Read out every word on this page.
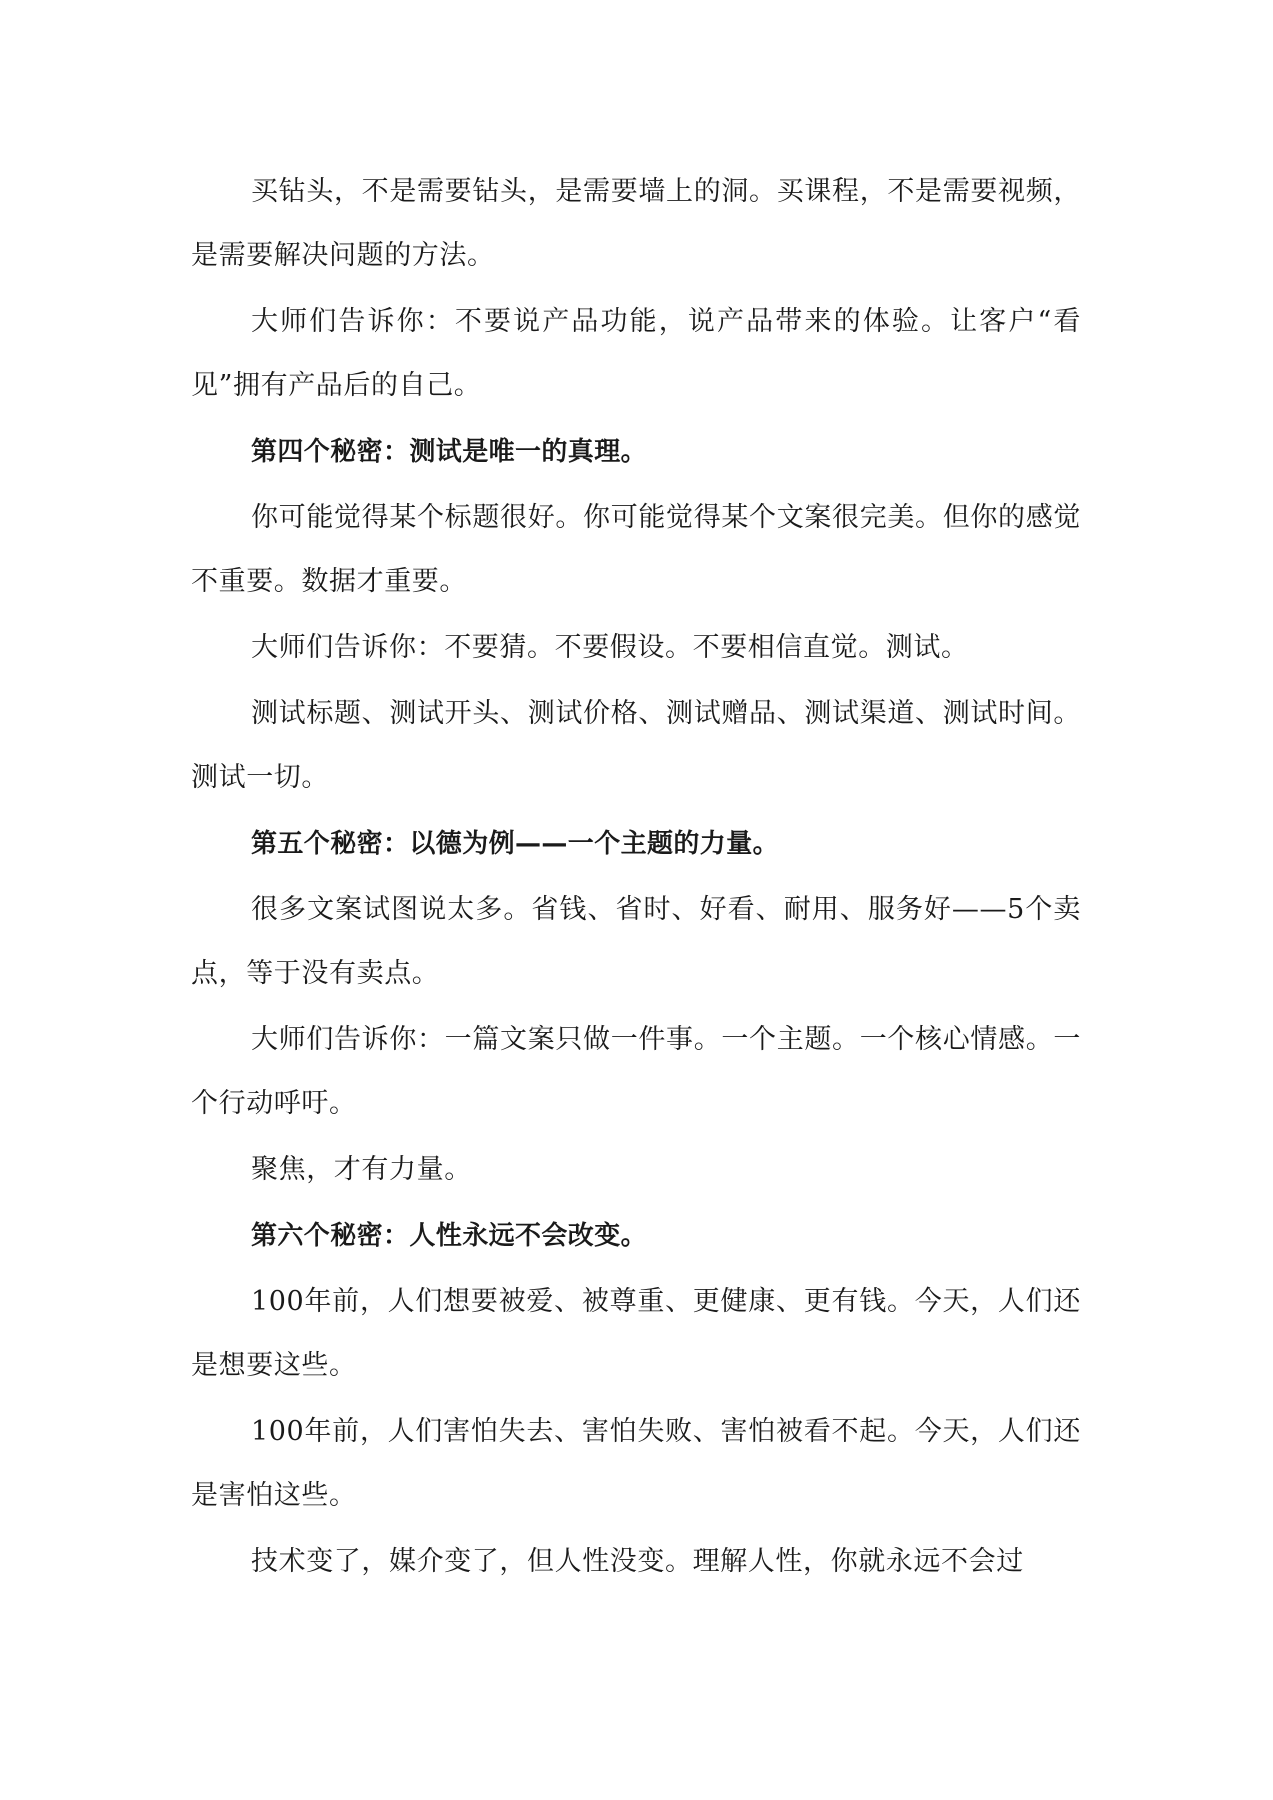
买钻头，不是需要钻头，是需要墙上的洞。买课程，不是需要视频，是需要解决问题的方法。

大师们告诉你：不要说产品功能，说产品带来的体验。让客户“看见”拥有产品后的自己。

第四个秘密：测试是唯一的真理。

你可能觉得某个标题很好。你可能觉得某个文案很完美。但你的感觉不重要。数据才重要。

大师们告诉你：不要猜。不要假设。不要相信直觉。测试。

测试标题、测试开头、测试价格、测试赠品、测试渠道、测试时间。测试一切。

第五个秘密：以德为例——一个主题的力量。

很多文案试图说太多。省钱、省时、好看、耐用、服务好——5个卖点，等于没有卖点。

大师们告诉你：一篇文案只做一件事。一个主题。一个核心情感。一个行动呼吁。

聚焦，才有力量。

第六个秘密：人性永远不会改变。

100年前，人们想要被爱、被尊重、更健康、更有钱。今天，人们还是想要这些。

100年前，人们害怕失去、害怕失败、害怕被看不起。今天，人们还是害怕这些。

技术变了，媒介变了，但人性没变。理解人性，你就永远不会过
